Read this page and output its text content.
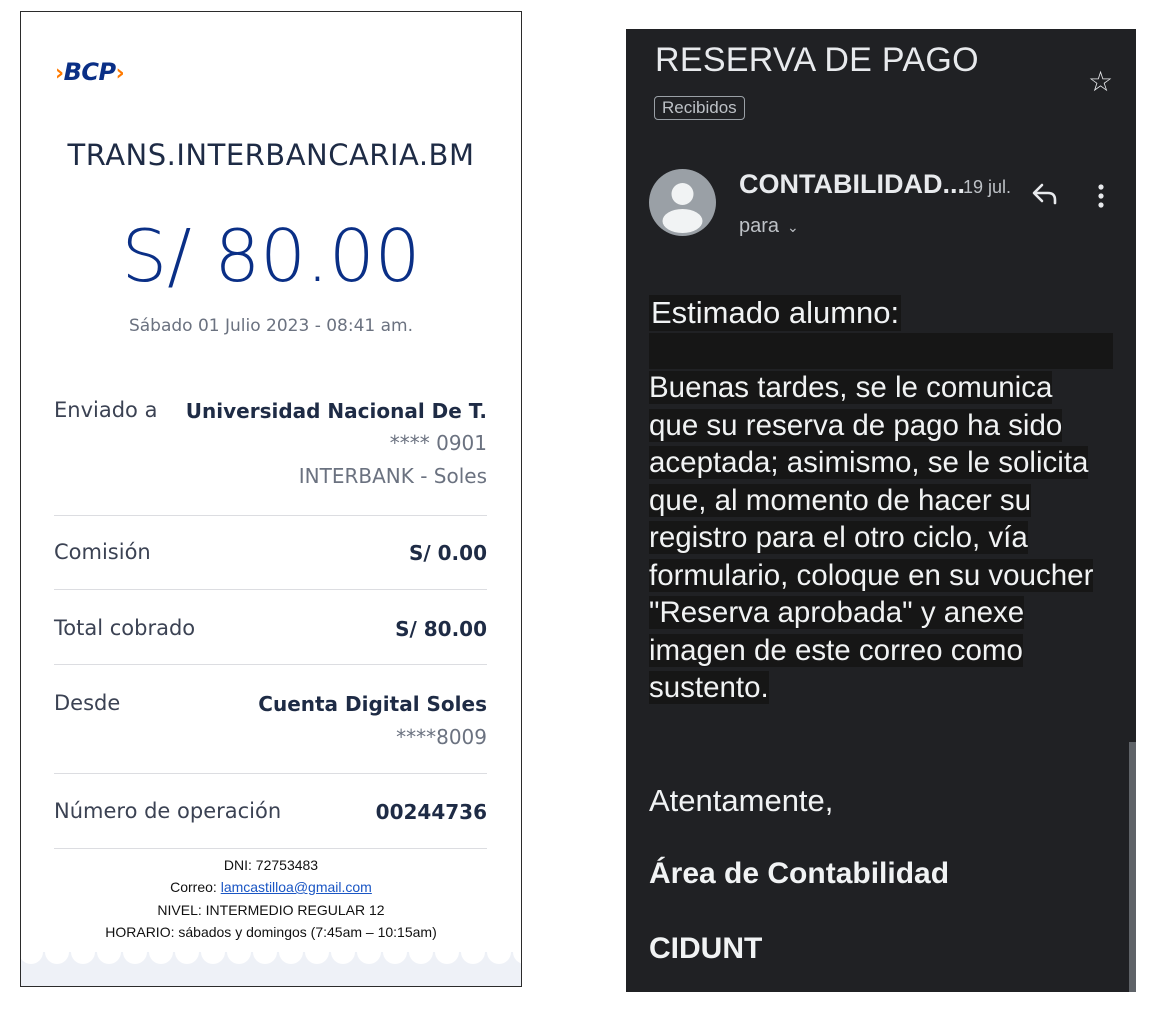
›BCP›
TRANS.INTERBANCARIA.BM
S/ 80.00
Sábado 01 Julio 2023 - 08:41 am.
Enviado a Universidad Nacional De T.
**** 0901
INTERBANK - Soles
Comisión	S/ 0.00
Total cobrado	S/ 80.00
Desde	Cuenta Digital Soles
****8009
Número de operación	00244736
DNI: 72753483
Correo: lamcastilloa@gmail.com
NIVEL: INTERMEDIO REGULAR 12
HORARIO: sábados y domingos (7:45am – 10:15am)
RESERVA DE PAGO
☆
Recibidos
CONTABILIDAD...
19 jul.
para ⌄
Estimado alumno:
Buenas tardes, se le comunica
que su reserva de pago ha sido
aceptada; asimismo, se le solicita
que, al momento de hacer su
registro para el otro ciclo, vía
formulario, coloque en su voucher
"Reserva aprobada" y anexe
imagen de este correo como
sustento.
Atentamente,
Área de Contabilidad
CIDUNT
